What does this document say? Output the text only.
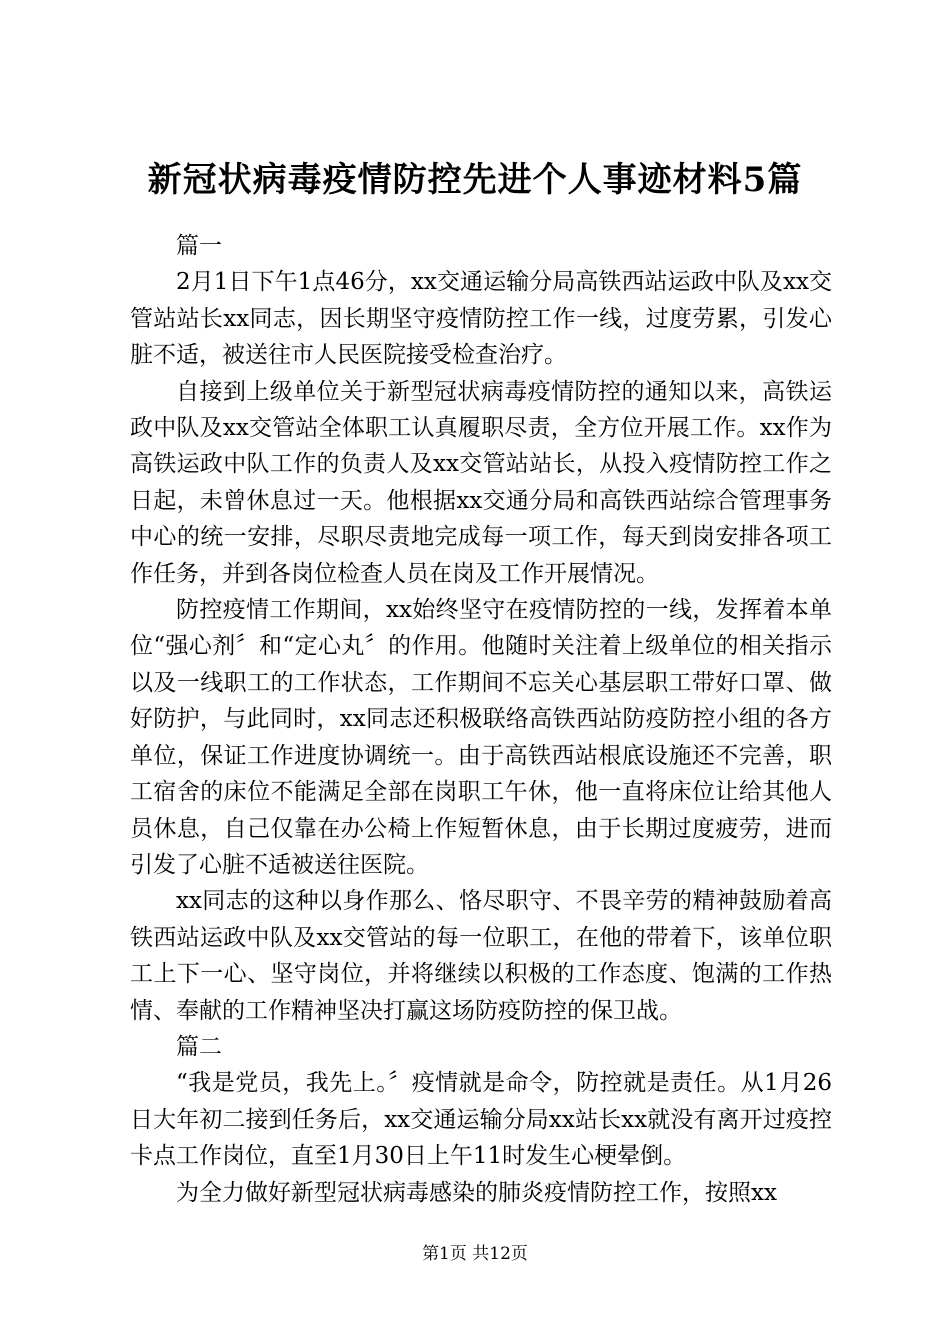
新冠状病毒疫情防控先进个人事迹材料5篇

篇一

2月1日下午1点46分，xx交通运输分局高铁西站运政中队及xx交管站站长xx同志，因长期坚守疫情防控工作一线，过度劳累，引发心脏不适，被送往市人民医院接受检查治疗。

自接到上级单位关于新型冠状病毒疫情防控的通知以来，高铁运政中队及xx交管站全体职工认真履职尽责，全方位开展工作。xx作为高铁运政中队工作的负责人及xx交管站站长，从投入疫情防控工作之日起，未曾休息过一天。他根据xx交通分局和高铁西站综合管理事务中心的统一安排，尽职尽责地完成每一项工作，每天到岗安排各项工作任务，并到各岗位检查人员在岗及工作开展情况。

防控疫情工作期间，xx始终坚守在疫情防控的一线，发挥着本单位“强心剂〞和“定心丸〞的作用。他随时关注着上级单位的相关指示以及一线职工的工作状态，工作期间不忘关心基层职工带好口罩、做好防护，与此同时，xx同志还积极联络高铁西站防疫防控小组的各方单位，保证工作进度协调统一。由于高铁西站根底设施还不完善，职工宿舍的床位不能满足全部在岗职工午休，他一直将床位让给其他人员休息，自己仅靠在办公椅上作短暂休息，由于长期过度疲劳，进而引发了心脏不适被送往医院。

xx同志的这种以身作那么、恪尽职守、不畏辛劳的精神鼓励着高铁西站运政中队及xx交管站的每一位职工，在他的带着下，该单位职工上下一心、坚守岗位，并将继续以积极的工作态度、饱满的工作热情、奉献的工作精神坚决打赢这场防疫防控的保卫战。

篇二

“我是党员，我先上。〞疫情就是命令，防控就是责任。从1月26日大年初二接到任务后，xx交通运输分局xx站长xx就没有离开过疫控卡点工作岗位，直至1月30日上午11时发生心梗晕倒。

为全力做好新型冠状病毒感染的肺炎疫情防控工作，按照xx

第1页 共12页
